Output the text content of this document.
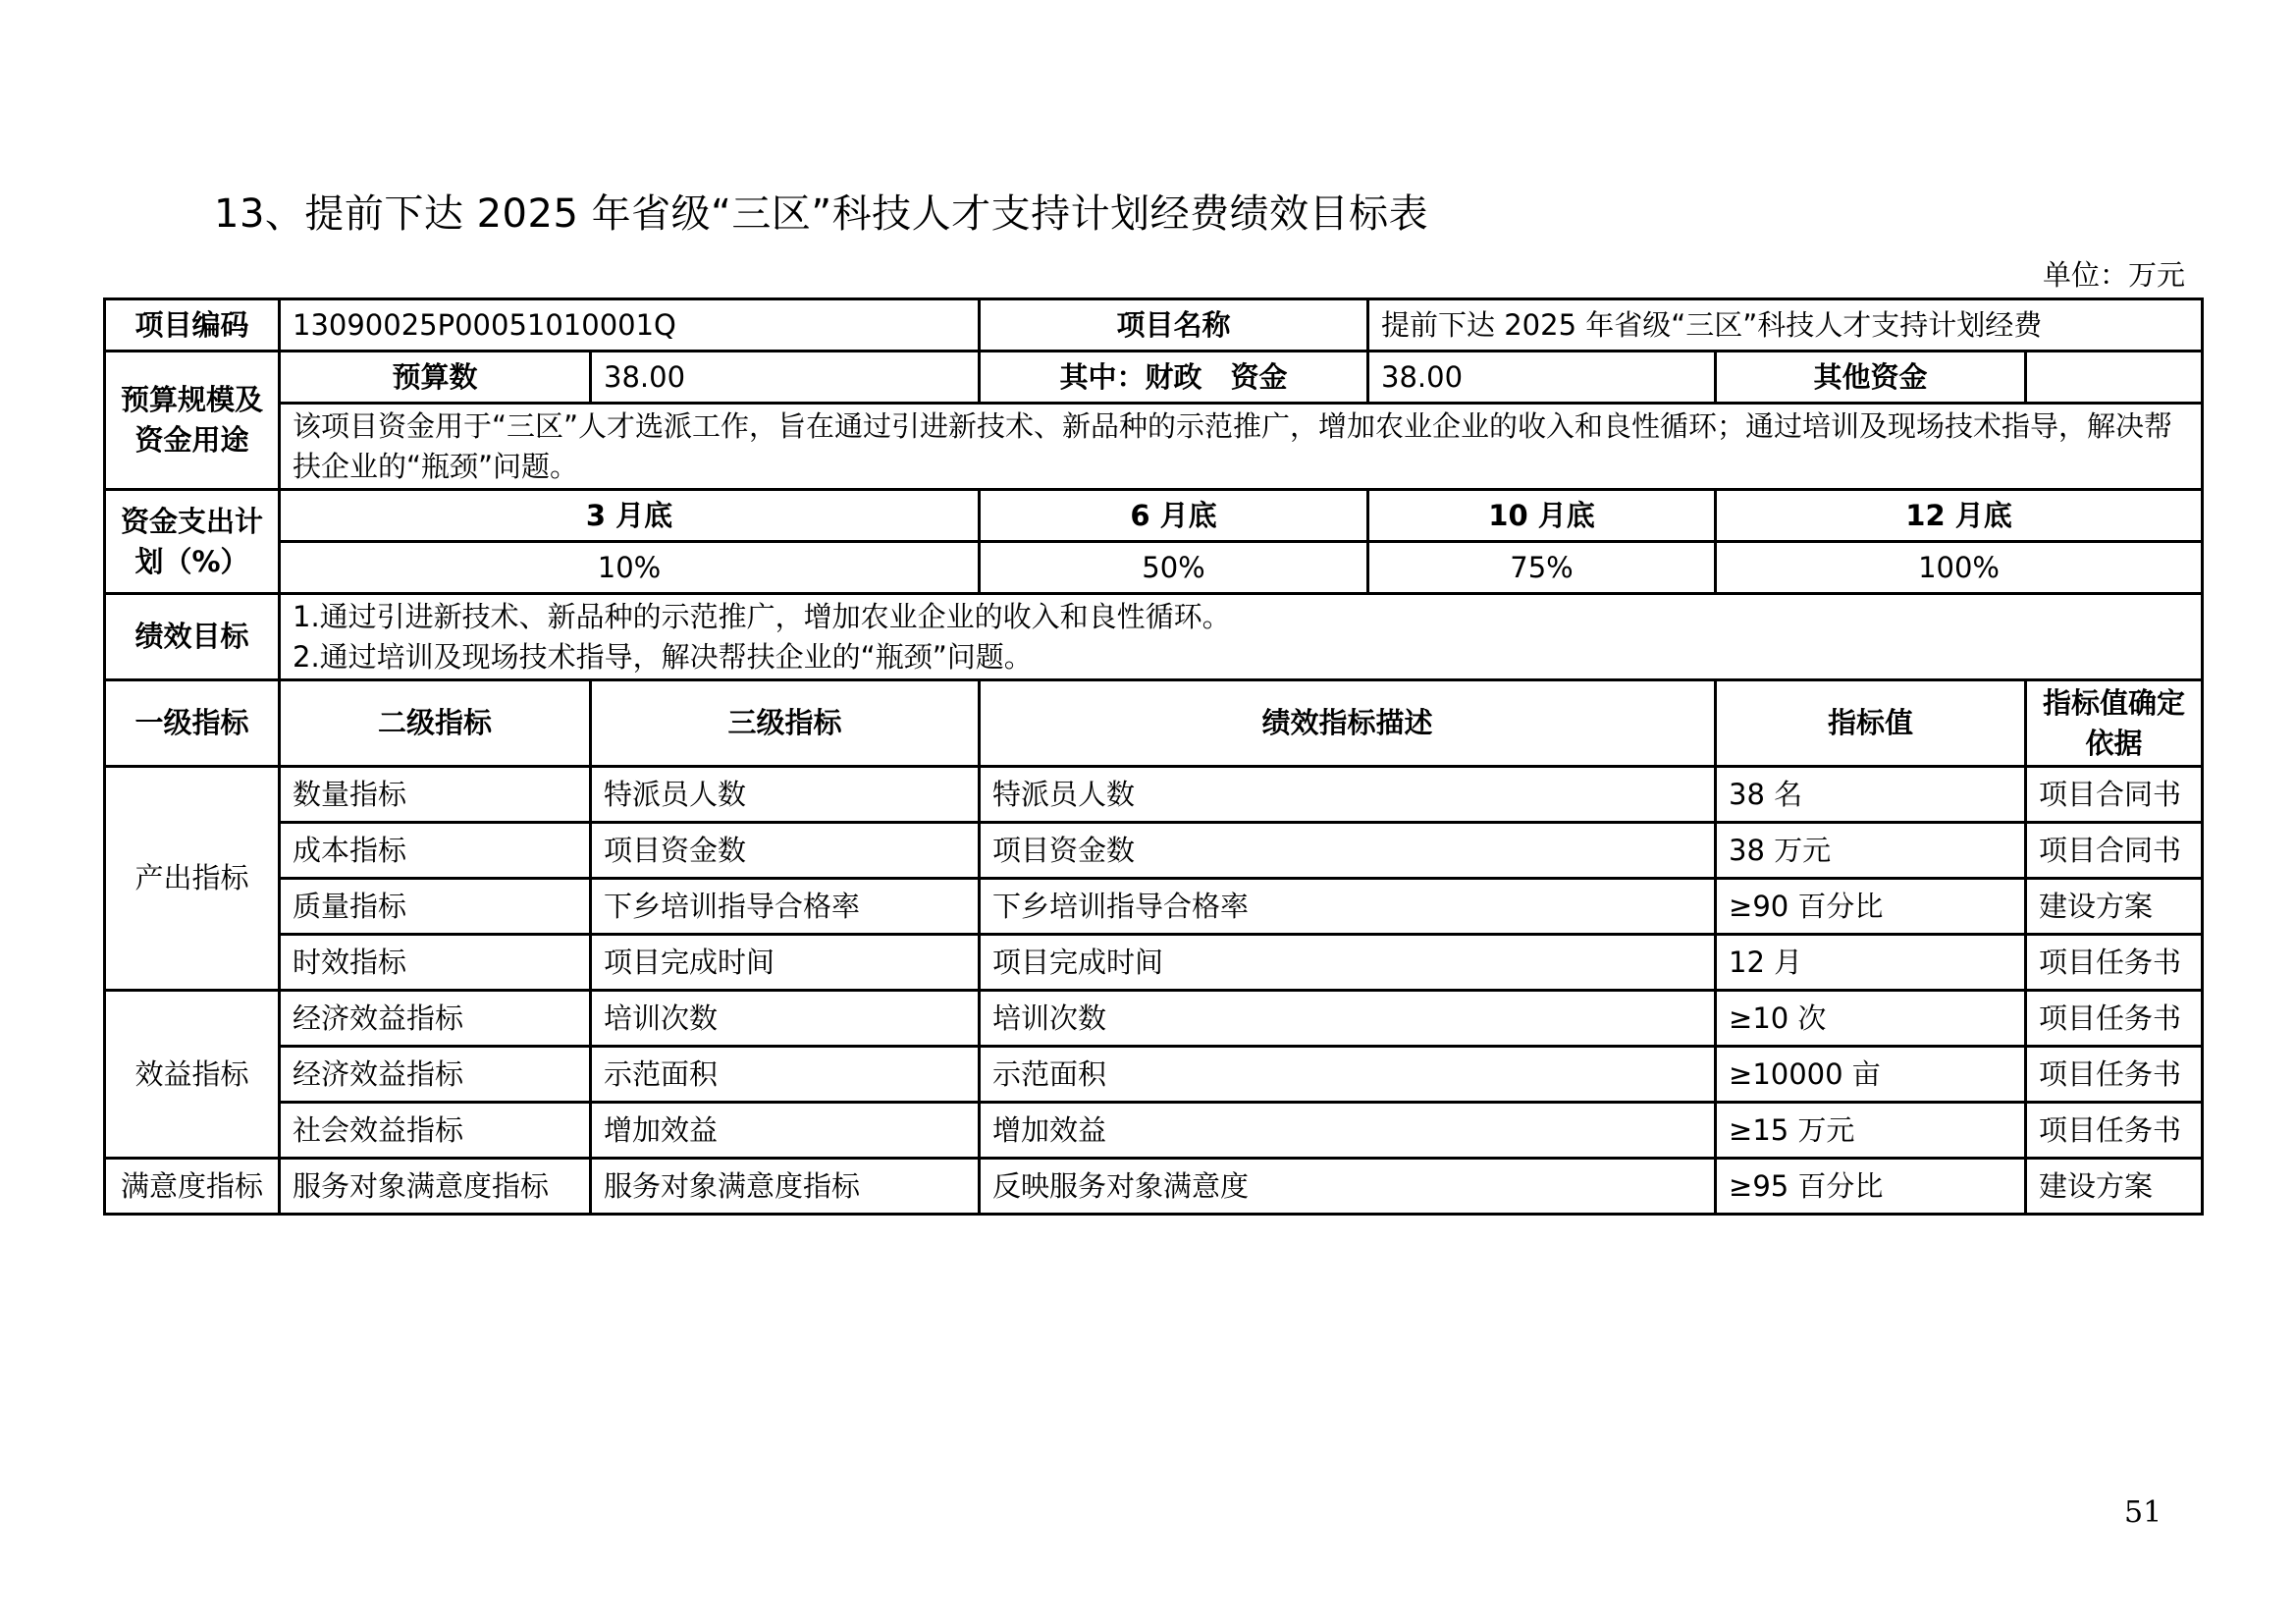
13、提前下达 2025 年省级“三区”科技人才支持计划经费绩效目标表
单位：万元
项目编码	13090025P00051010001Q		项目名称	提前下达 2025 年省级“三区”科技人才支持计划经费		
预算规模及资金用途	预算数	38.00	其中：财政　资金	38.00	其他资金	
	该项目资金用于“三区”人才选派工作，旨在通过引进新技术、新品种的示范推广，增加农业企业的收入和良性循环；通过培训及现场技术指导，解决帮扶企业的“瓶颈”问题。					
资金支出计划（%）	3 月底		6 月底	10 月底	12 月底	
	10%		50%	75%	100%	
绩效目标	1.通过引进新技术、新品种的示范推广，增加农业企业的收入和良性循环。
2.通过培训及现场技术指导，解决帮扶企业的“瓶颈”问题。					

一级指标	二级指标	三级指标	绩效指标描述		指标值	指标值确定依据
产出指标	数量指标	特派员人数	特派员人数		38 名	项目合同书
	成本指标	项目资金数	项目资金数		38 万元	项目合同书
	质量指标	下乡培训指导合格率	下乡培训指导合格率		≥90 百分比	建设方案
	时效指标	项目完成时间	项目完成时间		12 月	项目任务书
效益指标	经济效益指标	培训次数	培训次数		≥10 次	项目任务书
	经济效益指标	示范面积	示范面积		≥10000 亩	项目任务书
	社会效益指标	增加效益	增加效益		≥15 万元	项目任务书
满意度指标	服务对象满意度指标	服务对象满意度指标	反映服务对象满意度		≥95 百分比	建设方案
51
